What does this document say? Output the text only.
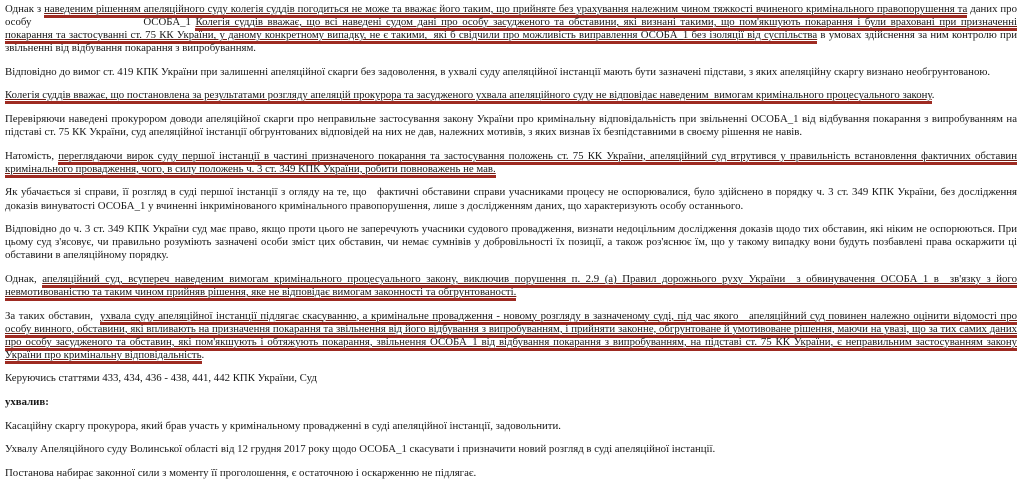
Однак з наведеним рішенням апеляційного суду колегія суддів погодиться не може та вважає його таким, що прийняте без урахування належним чином тяжкості вчиненого кримінального правопорушення та даних про особу	ОСОБА_1 Колегія суддів вважає, що всі наведені судом дані про особу засудженого та обставини, які визнані такими, що пом'якшують покарання і були враховані при призначенні покарання та застосуванні ст. 75 КК України, у даному конкретному випадку, не є такими,  які б свідчили про можливість виправлення ОСОБА_1 без ізоляції від суспільства в умовах здійснення за ним контролю при звільненні від відбування покарання з випробуванням.

Відповідно до вимог ст. 419 КПК України при залишенні апеляційної скарги без задоволення, в ухвалі суду апеляційної інстанції мають бути зазначені підстави, з яких апеляційну скаргу визнано необгрунтованою.

Колегія суддів вважає, що постановлена за результатами розгляду апеляцій прокурора та засудженого ухвала апеляційного суду не відповідає наведеним  вимогам кримінального процесуального закону.

Перевіряючи наведені прокурором доводи апеляційної скарги про неправильне застосування закону України про кримінальну відповідальність при звільненні ОСОБА_1 від відбування покарання з випробуванням на підставі ст. 75 КК України, суд апеляційної інстанції обгрунтованих відповідей на них не дав, належних мотивів, з яких визнав їх безпідставними в своєму рішення не навів.

Натомість, переглядаючи вирок суду першої інстанції в частині призначеного покарання та застосування положень ст. 75 КК України, апеляційний суд втрутився у правильність встановлення фактичних обставин кримінального провадження, чого, в силу положень ч. 3 ст. 349 КПК України, робити повноважень не мав.

Як убачається зі справи, її розгляд в суді першої інстанції з огляду на те, що   фактичні обставини справи учасниками процесу не оспорювалися, було здійснено в порядку ч. 3 ст. 349 КПК України, без дослідження доказів винуватості ОСОБА_1 у вчиненні інкримінованого кримінального правопорушення, лише з дослідженням даних, що характеризують особу останнього.

Відповідно до ч. 3 ст. 349 КПК України суд має право, якщо проти цього не заперечують учасники судового провадження, визнати недоцільним дослідження доказів щодо тих обставин, які ніким не оспорюються. При цьому суд з'ясовує, чи правильно розуміють зазначені особи зміст цих обставин, чи немає сумнівів у добровільності їх позиції, а також роз'яснює їм, що у такому випадку вони будуть позбавлені права оскаржити ці обставини в апеляційному порядку.

Однак, апеляційний суд, всупереч наведеним вимогам кримінального процесуального закону, виключив порушення п. 2.9 (а) Правил дорожнього руху України  з обвинувачення ОСОБА_1 в  зв'язку з його невмотивованістю та таким чином прийняв рішення, яке не відповідає вимогам законності та обгрунтованості.

За таких обставин,  ухвала суду апеляційної інстанції підлягає скасуванню, а кримінальне провадження - новому розгляду в зазначеному суді, під час якого   апеляційний суд повинен належно оцінити відомості про особу винного, обставини, які впливають на призначення покарання та звільнення від його відбування з випробуванням, і прийняти законне, обгрунтоване й умотивоване рішення, маючи на увазі, що за тих самих даних про особу засудженого та обставин, які пом'якшують і обтяжують покарання, звільнення ОСОБА_1 від відбування покарання з випробуванням, на підставі ст. 75 КК України, є неправильним застосуванням закону України про кримінальну відповідальність.

Керуючись статтями 433, 434, 436 - 438, 441, 442 КПК України, Суд

ухвалив:

Касаційну скаргу прокурора, який брав участь у кримінальному провадженні в суді апеляційної інстанції, задовольнити.

Ухвалу Апеляційного суду Волинської області від 12 грудня 2017 року щодо ОСОБА_1 скасувати і призначити новий розгляд в суді апеляційної інстанції.

Постанова набирає законної сили з моменту її проголошення, є остаточною і оскарженню не підлягає.
